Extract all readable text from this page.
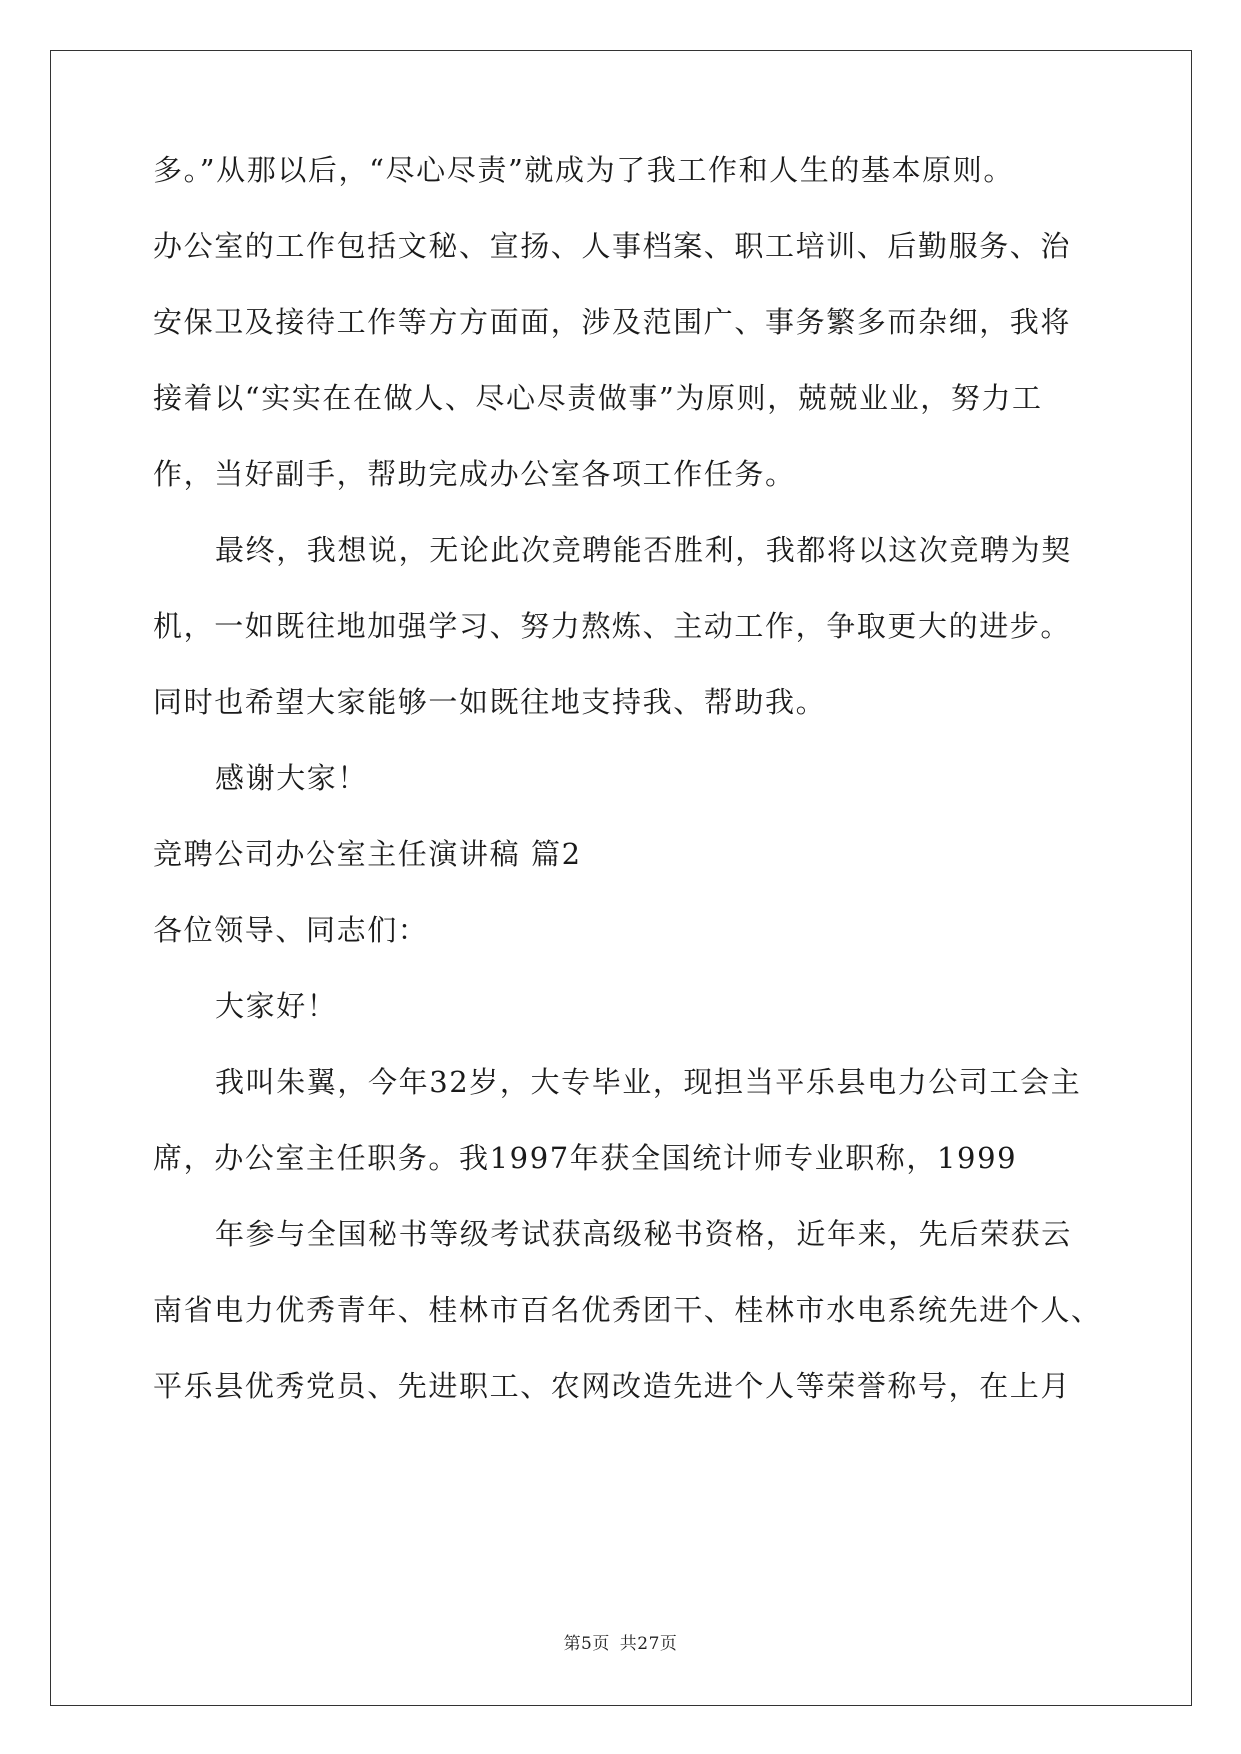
多。”从那以后，“尽心尽责”就成为了我工作和人生的基本原则。
办公室的工作包括文秘、宣扬、人事档案、职工培训、后勤服务、治
安保卫及接待工作等方方面面，涉及范围广、事务繁多而杂细，我将
接着以“实实在在做人、尽心尽责做事”为原则，兢兢业业，努力工
作，当好副手，帮助完成办公室各项工作任务。
最终，我想说，无论此次竞聘能否胜利，我都将以这次竞聘为契
机，一如既往地加强学习、努力熬炼、主动工作，争取更大的进步。
同时也希望大家能够一如既往地支持我、帮助我。
感谢大家！
竞聘公司办公室主任演讲稿 篇2
各位领导、同志们：
大家好！
我叫朱翼，今年32岁，大专毕业，现担当平乐县电力公司工会主
席，办公室主任职务。我1997年获全国统计师专业职称，1999
年参与全国秘书等级考试获高级秘书资格，近年来，先后荣获云
南省电力优秀青年、桂林市百名优秀团干、桂林市水电系统先进个人、
平乐县优秀党员、先进职工、农网改造先进个人等荣誉称号，在上月
第5页 共27页
